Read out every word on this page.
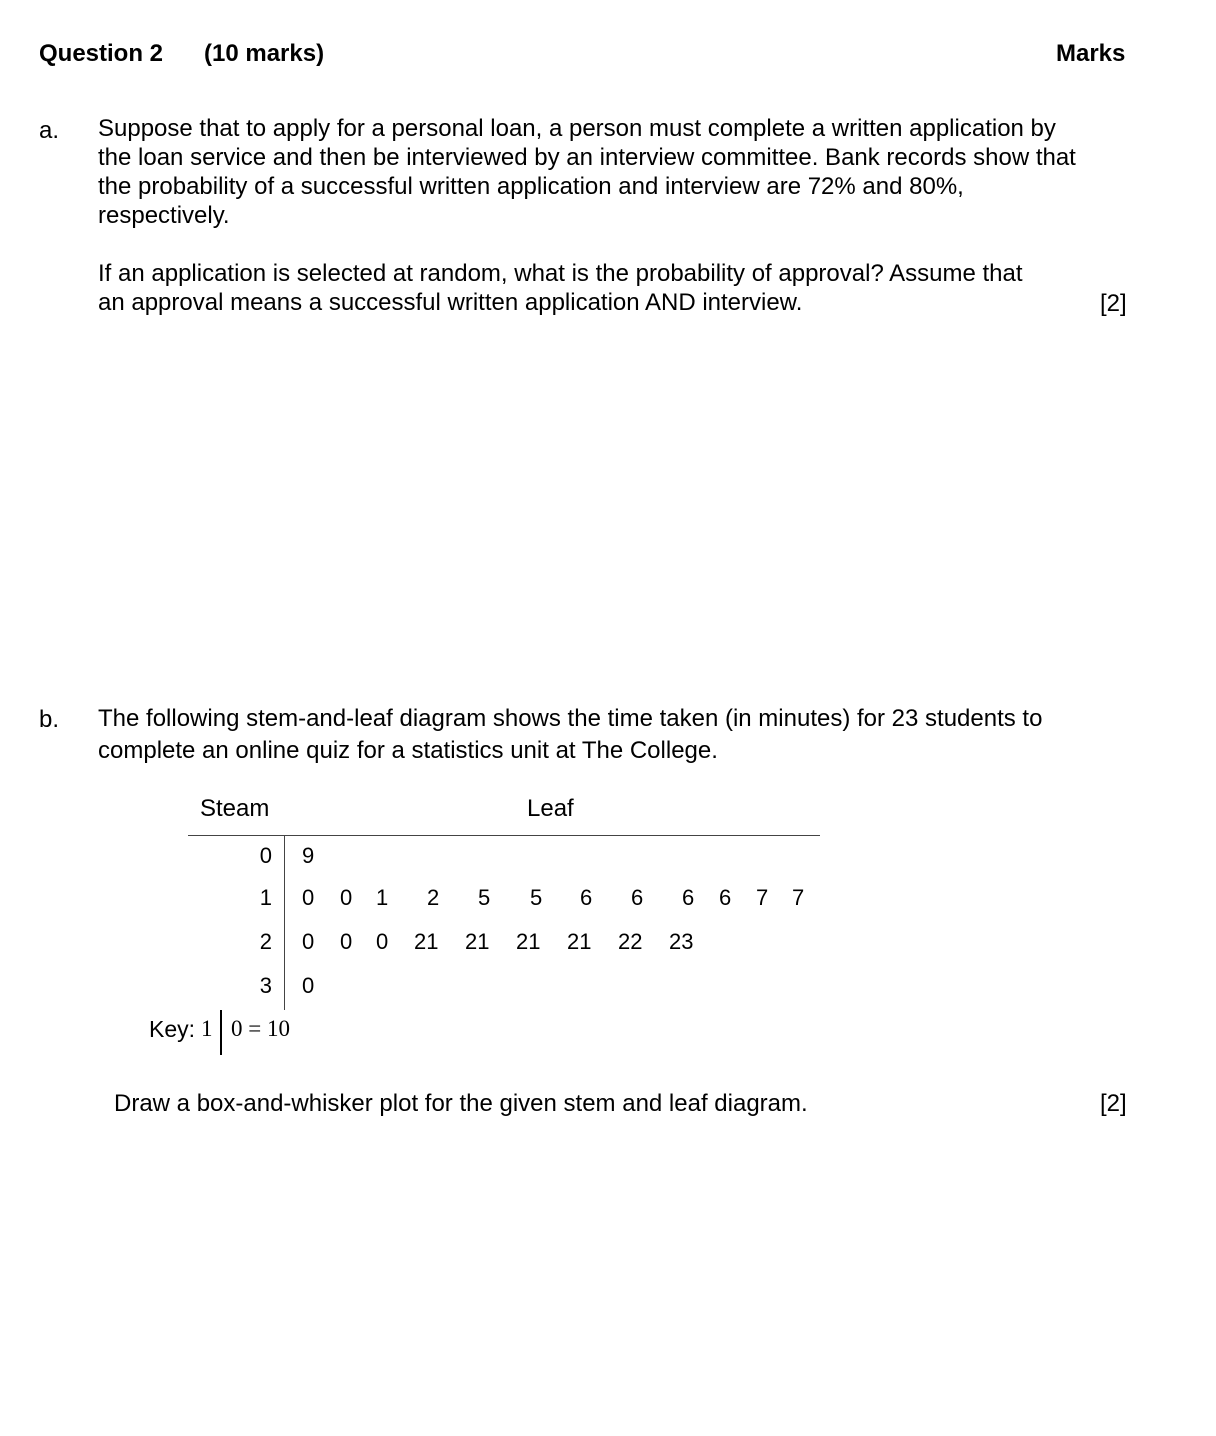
Question 2 (10 marks)	Marks
a. Suppose that to apply for a personal loan, a person must complete a written application by
the loan service and then be interviewed by an interview committee. Bank records show that
the probability of a successful written application and interview are 72% and 80%,
respectively.
If an application is selected at random, what is the probability of approval? Assume that
an approval means a successful written application AND interview.	[2]
b. The following stem-and-leaf diagram shows the time taken (in minutes) for 23 students to
complete an online quiz for a statistics unit at The College.
Steam	Leaf
0 9
1 0 0 1 2 5 5 6 6 6 6 7 7
2 0 0 0 21 21 21 21 22 23
3 0
Key: 1 0 = 10
Draw a box-and-whisker plot for the given stem and leaf diagram.	[2]
